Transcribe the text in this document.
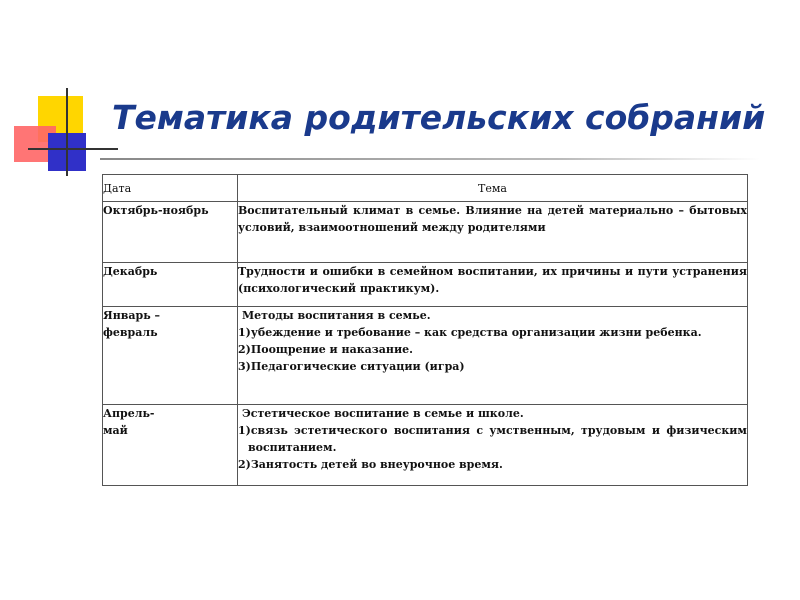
Тематика родительских собраний
Дата	Тема
Октябрь-ноябрь	Воспитательный климат в семье. Влияние на детей материально – бытовых условий, взаимоотношений между родителями
Декабрь	Трудности и ошибки в семейном воспитании, их причины и пути устранения (психологический практикум).

Январь –
февраль	Методы воспитания в семье.
1)убеждение и требование – как средства организации жизни ребенка.
2)Поощрение и наказание.
3)Педагогические ситуации (игра)

Апрель-
май	Эстетическое воспитание в семье и школе.
1)связь эстетического воспитания с умственным, трудовым и физическим воспитанием.
2)Занятость детей во внеурочное время.
